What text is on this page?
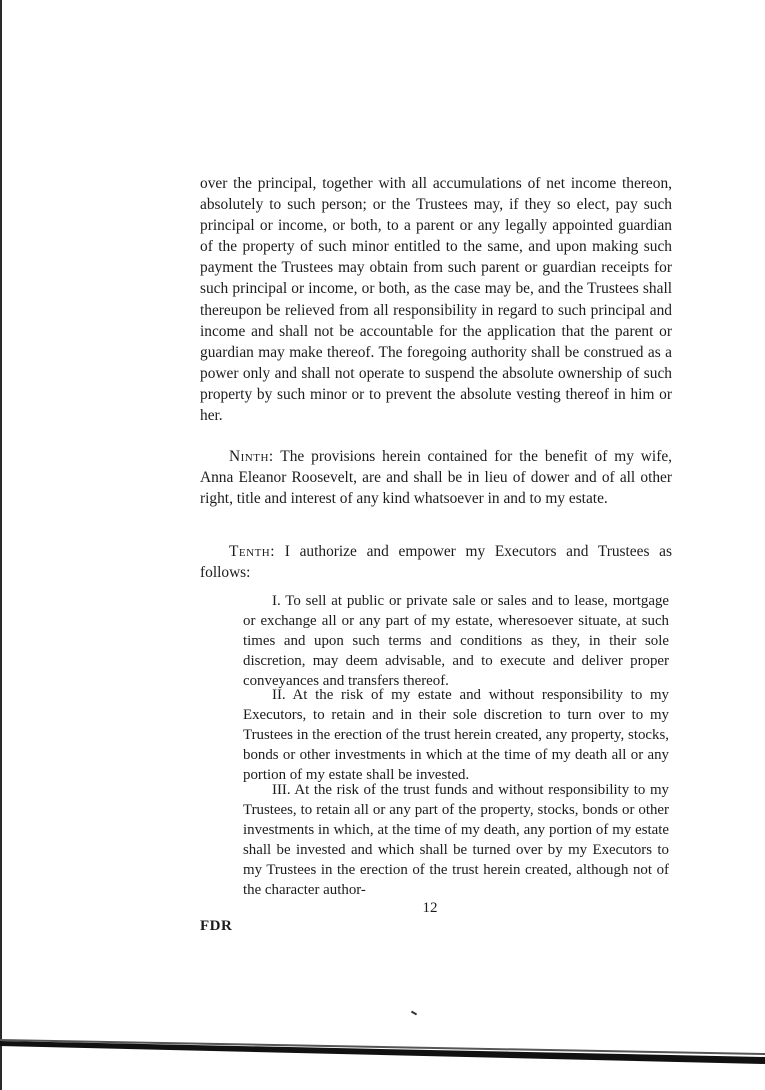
over the principal, together with all accumulations of net income thereon, absolutely to such person; or the Trustees may, if they so elect, pay such principal or income, or both, to a parent or any legally appointed guardian of the property of such minor entitled to the same, and upon making such payment the Trustees may obtain from such parent or guardian receipts for such principal or income, or both, as the case may be, and the Trustees shall thereupon be relieved from all responsibility in regard to such principal and income and shall not be accountable for the application that the parent or guardian may make thereof. The foregoing authority shall be construed as a power only and shall not operate to suspend the absolute ownership of such property by such minor or to prevent the absolute vesting thereof in him or her.

Ninth: The provisions herein contained for the benefit of my wife, Anna Eleanor Roosevelt, are and shall be in lieu of dower and of all other right, title and interest of any kind whatsoever in and to my estate.

Tenth: I authorize and empower my Executors and Trustees as follows:

I. To sell at public or private sale or sales and to lease, mortgage or exchange all or any part of my estate, wheresoever situate, at such times and upon such terms and conditions as they, in their sole discretion, may deem advisable, and to execute and deliver proper conveyances and transfers thereof.

II. At the risk of my estate and without responsibility to my Executors, to retain and in their sole discretion to turn over to my Trustees in the erection of the trust herein created, any property, stocks, bonds or other investments in which at the time of my death all or any portion of my estate shall be invested.

III. At the risk of the trust funds and without responsibility to my Trustees, to retain all or any part of the property, stocks, bonds or other investments in which, at the time of my death, any portion of my estate shall be invested and which shall be turned over by my Executors to my Trustees in the erection of the trust herein created, although not of the character author-

12
FDR
